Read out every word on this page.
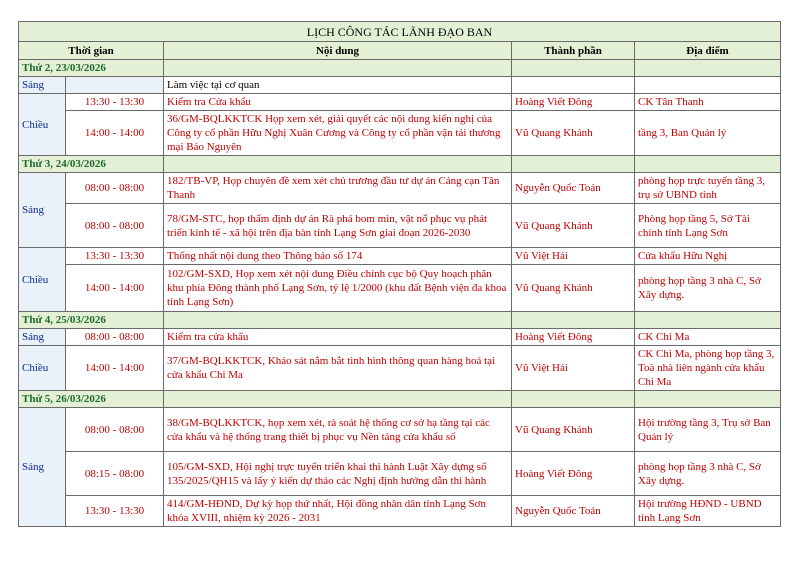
LỊCH CÔNG TÁC LÃNH ĐẠO BAN				
Thời gian		Nội dung	Thành phần	Địa điểm
Thứ 2, 23/03/2026				
Sáng		Làm việc tại cơ quan		
Chiều	13:30 - 13:30	Kiểm tra Cửa khẩu	Hoàng Viết Đông	CK Tân Thanh
	14:00 - 14:00	36/GM-BQLKKTCK Họp xem xét, giải quyết các nội dung kiến nghị của Công ty cổ phần Hữu Nghị Xuân Cương và Công ty cổ phần vận tải thương mại Bảo Nguyên	Vũ Quang Khánh	tầng 3, Ban Quản lý
Thứ 3, 24/03/2026				
Sáng	08:00 - 08:00	182/TB-VP, Họp chuyên đề xem xét chủ trương đầu tư dự án Cảng cạn Tân Thanh	Nguyễn Quốc Toản	phòng họp trực tuyến tầng 3, trụ sở UBND tỉnh
	08:00 - 08:00	78/GM-STC, họp thẩm định dự án Rà phá bom mìn, vật nổ phục vụ phát triển kinh tế - xã hội trên địa bàn tỉnh Lạng Sơn giai đoạn 2026-2030	Vũ Quang Khánh	Phòng họp tầng 5, Sở Tài chính tỉnh Lạng Sơn
Chiều	13:30 - 13:30	Thống nhất nội dung theo Thông báo số 174	Vũ Việt Hải	Cửa khẩu Hữu Nghị
	14:00 - 14:00	102/GM-SXD, Họp xem xét nội dung Điều chỉnh cục bộ Quy hoạch phân khu phía Đông thành phố Lạng Sơn, tỷ lệ 1/2000 (khu đất Bệnh viện đa khoa tỉnh Lạng Sơn)	Vũ Quang Khánh	phòng họp tầng 3 nhà C, Sở Xây dựng.
Thứ 4, 25/03/2026				
Sáng	08:00 - 08:00	Kiểm tra cửa khẩu	Hoàng Viết Đông	CK Chi Ma
Chiều	14:00 - 14:00	37/GM-BQLKKTCK, Khảo sát nắm bắt tình hình thông quan hàng hoá tại cửa khẩu Chi Ma	Vũ Việt Hải	CK Chi Ma, phòng họp tầng 3, Toà nhà liên ngành cửa khẩu Chi Ma
Thứ 5, 26/03/2026				
Sáng	08:00 - 08:00	38/GM-BQLKKTCK, họp xem xét, rà soát hệ thống cơ sở hạ tầng tại các cửa khẩu và hệ thống trang thiết bị phục vụ Nền tảng cửa khẩu số	Vũ Quang Khánh	Hội trường tầng 3, Trụ sở Ban Quản lý
	08:15 - 08:00	105/GM-SXD, Hội nghị trực tuyến triển khai thi hành Luật Xây dựng số 135/2025/QH15 và lấy ý kiến dự thảo các Nghị định hướng dẫn thi hành	Hoàng Viết Đông	phòng họp tầng 3 nhà C, Sở Xây dựng.
	13:30 - 13:30	414/GM-HĐND, Dự kỳ họp thứ nhất, Hội đồng nhân dân tỉnh Lạng Sơn khóa XVIII, nhiệm kỳ 2026 - 2031	Nguyễn Quốc Toản	Hội trường HĐND - UBND tỉnh Lạng Sơn
